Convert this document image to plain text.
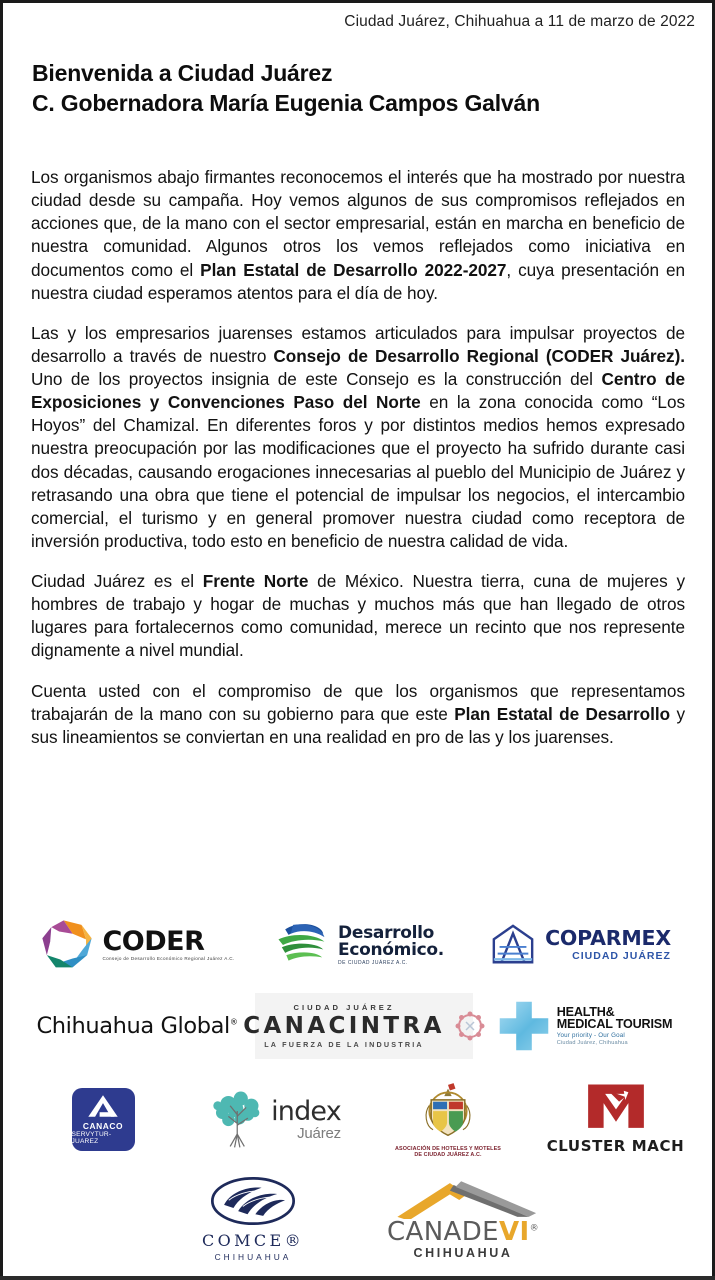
Ciudad Juárez, Chihuahua a 11 de marzo de 2022
Bienvenida a Ciudad Juárez
C. Gobernadora María Eugenia Campos Galván

Los organismos abajo firmantes reconocemos el interés que ha mostrado por nuestra ciudad desde su campaña. Hoy vemos algunos de sus compromisos reflejados en acciones que, de la mano con el sector empresarial, están en marcha en beneficio de nuestra comunidad. Algunos otros los vemos reflejados como iniciativa en documentos como el Plan Estatal de Desarrollo 2022-2027, cuya presentación en nuestra ciudad esperamos atentos para el día de hoy.

Las y los empresarios juarenses estamos articulados para impulsar proyectos de desarrollo a través de nuestro Consejo de Desarrollo Regional (CODER Juárez). Uno de los proyectos insignia de este Consejo es la construcción del Centro de Exposiciones y Convenciones Paso del Norte en la zona conocida como “Los Hoyos” del Chamizal. En diferentes foros y por distintos medios hemos expresado nuestra preocupación por las modificaciones que el proyecto ha sufrido durante casi dos décadas, causando erogaciones innecesarias al pueblo del Municipio de Juárez y retrasando una obra que tiene el potencial de impulsar los negocios, el intercambio comercial, el turismo y en general promover nuestra ciudad como receptora de inversión productiva, todo esto en beneficio de nuestra calidad de vida.

Ciudad Juárez es el Frente Norte de México. Nuestra tierra, cuna de mujeres y hombres de trabajo y hogar de muchas y muchos más que han llegado de otros lugares para fortalecernos como comunidad, merece un recinto que nos represente dignamente a nivel mundial.

Cuenta usted con el compromiso de que los organismos que representamos trabajarán de la mano con su gobierno para que este Plan Estatal de Desarrollo y sus lineamientos se conviertan en una realidad en pro de las y los juarenses.

CODER
Consejo de Desarrollo Económico Regional Juárez A.C.
Desarrollo
Económico.
DE CIUDAD JUÁREZ A.C.
COPARMEX
CIUDAD JUÁREZ
Chihuahua Global®
CIUDAD JUÁREZ
CANACINTRA
LA FUERZA DE LA INDUSTRIA
HEALTH&
MEDICAL TOURISM
Your priority - Our Goal
Ciudad Juárez, Chihuahua
CANACO
SERVYTUR-JUAREZ
index
Juárez
ASOCIACIÓN DE HOTELES Y MOTELES
DE CIUDAD JUÁREZ A.C.	CLUSTER MACH
COMCE®
CHIHUAHUA
CANADEVI®
CHIHUAHUA
